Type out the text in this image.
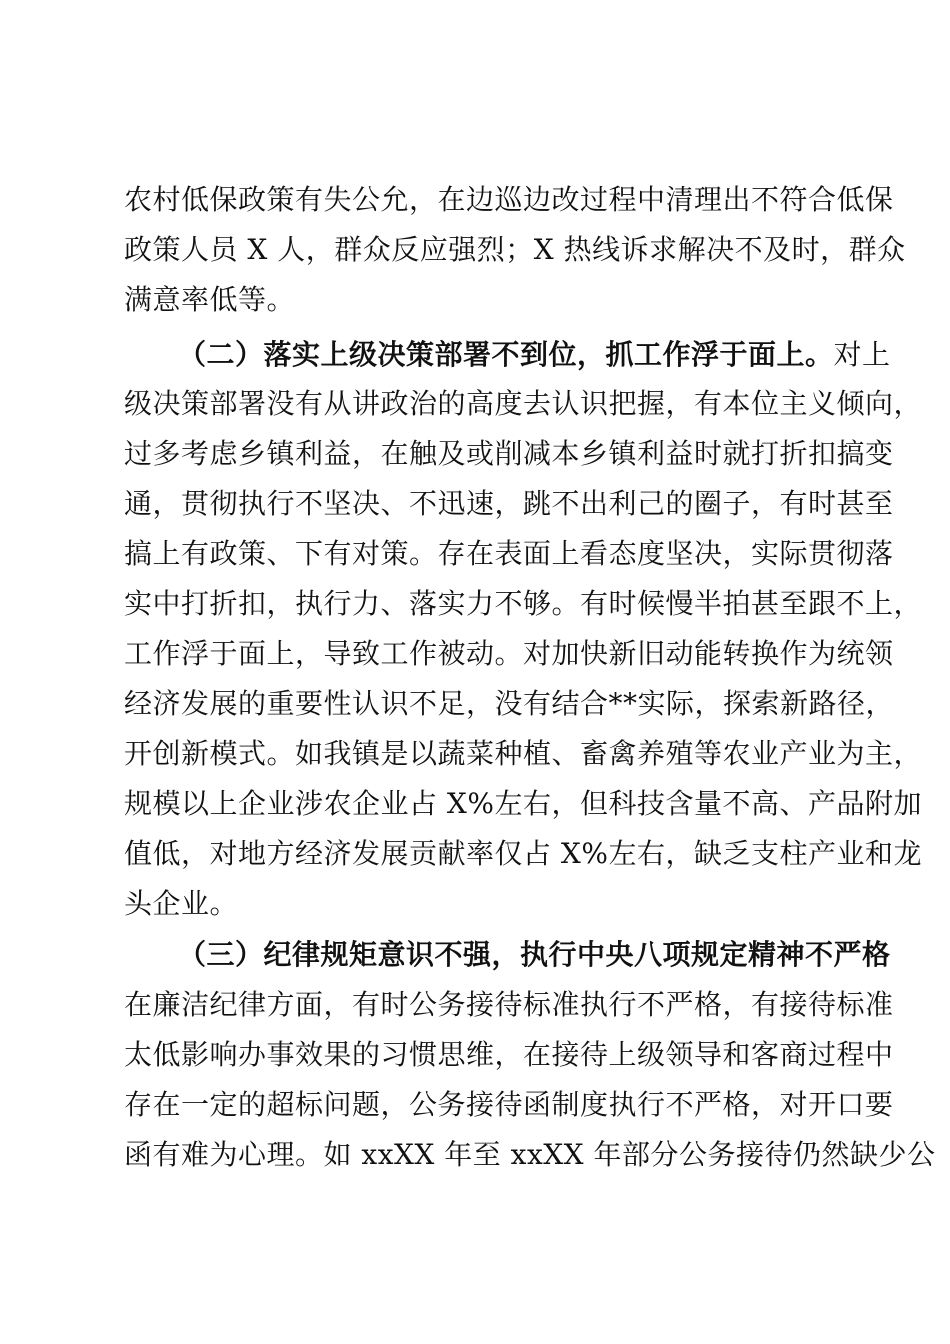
农村低保政策有失公允，在边巡边改过程中清理出不符合低保
政策人员 X 人，群众反应强烈；X 热线诉求解决不及时，群众
满意率低等。
（二）落实上级决策部署不到位，抓工作浮于面上。对上
级决策部署没有从讲政治的高度去认识把握，有本位主义倾向，
过多考虑乡镇利益，在触及或削减本乡镇利益时就打折扣搞变
通，贯彻执行不坚决、不迅速，跳不出利己的圈子，有时甚至
搞上有政策、下有对策。存在表面上看态度坚决，实际贯彻落
实中打折扣，执行力、落实力不够。有时候慢半拍甚至跟不上，
工作浮于面上，导致工作被动。对加快新旧动能转换作为统领
经济发展的重要性认识不足，没有结合**实际，探索新路径，
开创新模式。如我镇是以蔬菜种植、畜禽养殖等农业产业为主，
规模以上企业涉农企业占 X%左右，但科技含量不高、产品附加
值低，对地方经济发展贡献率仅占 X%左右，缺乏支柱产业和龙
头企业。
（三）纪律规矩意识不强，执行中央八项规定精神不严格
在廉洁纪律方面，有时公务接待标准执行不严格，有接待标准
太低影响办事效果的习惯思维，在接待上级领导和客商过程中
存在一定的超标问题，公务接待函制度执行不严格，对开口要
函有难为心理。如 xxXX 年至 xxXX 年部分公务接待仍然缺少公
